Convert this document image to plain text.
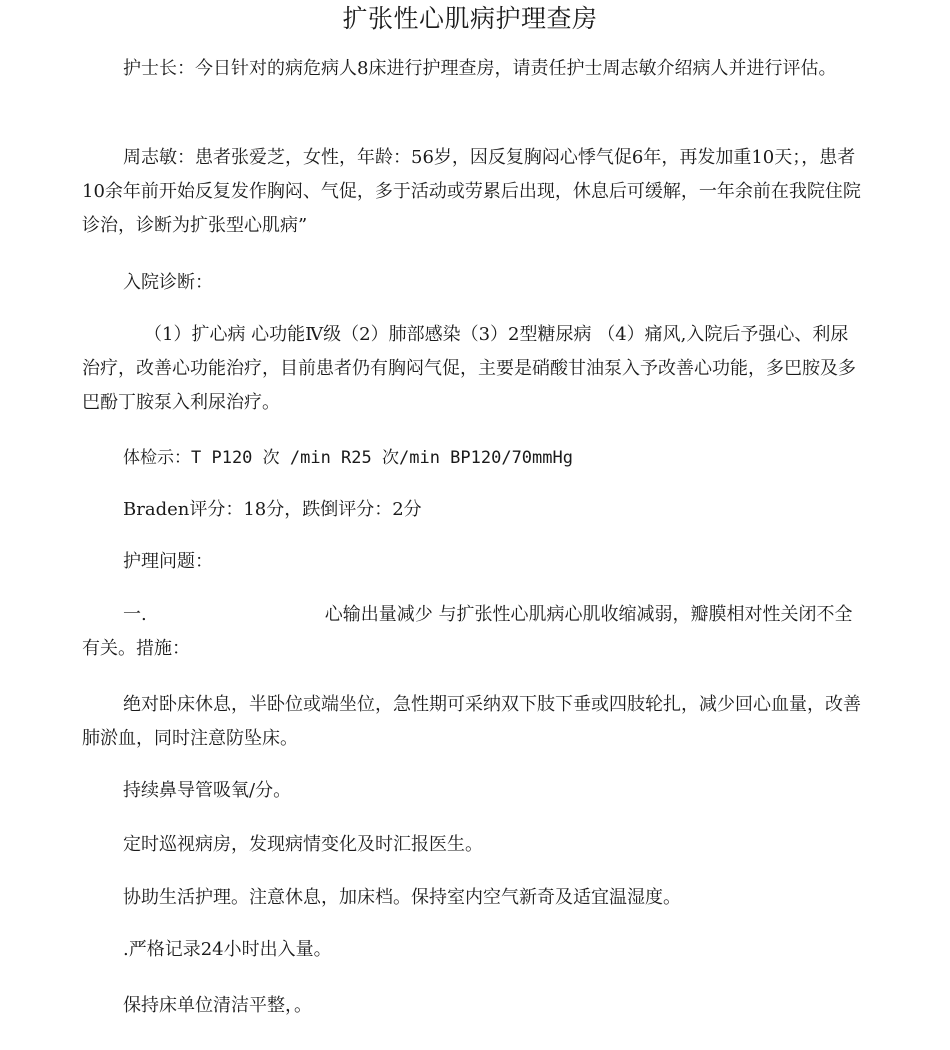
扩张性心肌病护理查房

护士长：今日针对的病危病人8床进行护理查房，请责任护士周志敏介绍病人并进行评估。

周志敏：患者张爱芝，女性，年龄：56岁，因反复胸闷心悸气促6年，再发加重10天；，患者10余年前开始反复发作胸闷、气促，多于活动或劳累后出现，休息后可缓解，一年余前在我院住院诊治，诊断为扩张型心肌病”

入院诊断：

（1）扩心病 心功能Ⅳ级（2）肺部感染（3）2型糖尿病 （4）痛风,入院后予强心、利尿治疗，改善心功能治疗，目前患者仍有胸闷气促，主要是硝酸甘油泵入予改善心功能，多巴胺及多巴酚丁胺泵入利尿治疗。

体检示：T P120 次 /min R25 次/min BP120/70mmHg

Braden评分：18分，跌倒评分：2分

护理问题：

一.	心输出量减少 与扩张性心肌病心肌收缩减弱，瓣膜相对性关闭不全有关。措施：

绝对卧床休息，半卧位或端坐位，急性期可采纳双下肢下垂或四肢轮扎，减少回心血量，改善肺淤血，同时注意防坠床。

持续鼻导管吸氧/分。

定时巡视病房，发现病情变化及时汇报医生。

协助生活护理。注意休息，加床档。保持室内空气新奇及适宜温湿度。

.严格记录24小时出入量。

保持床单位清洁平整，。
